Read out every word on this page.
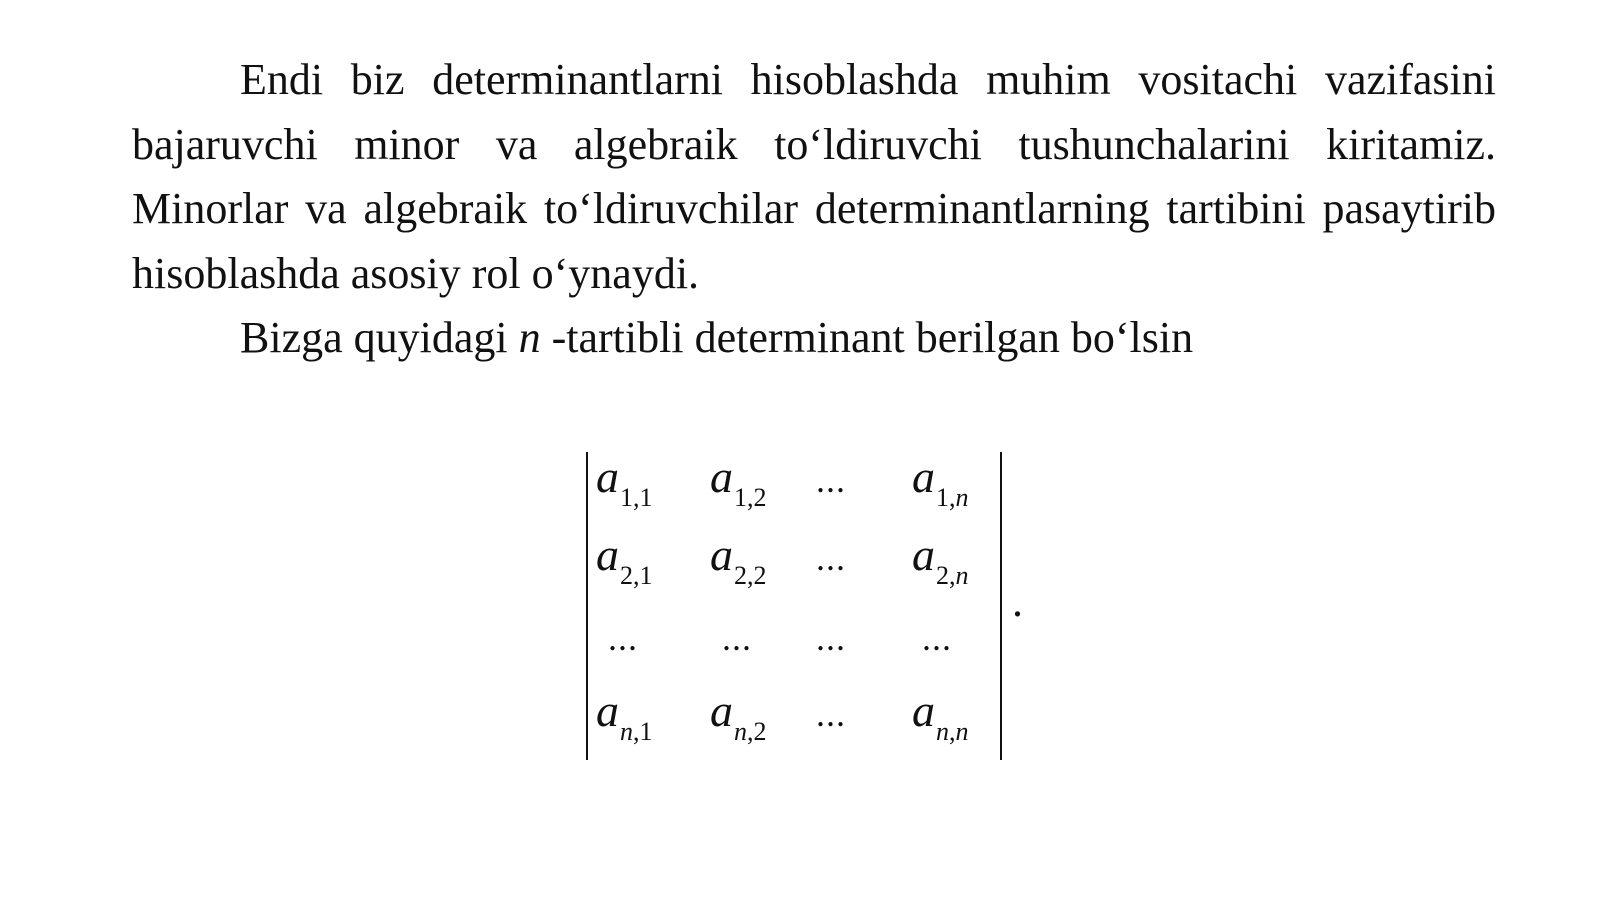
Endi biz determinantlarni hisoblashda muhim vositachi vazifasini bajaruvchi minor va algebraik to‘ldiruvchi tushunchalarini kiritamiz. Minorlar va algebraik to‘ldiruvchilar determinantlarning tartibini pasaytirib hisoblashda asosiy rol o‘ynaydi.

Bizga quyidagi n -tartibli determinant berilgan bo‘lsin

$a_{1,1}$ $a_{1,2}$ ... $a_{1,n}$
$a_{2,1}$ $a_{2,2}$ ... $a_{2,n}$
... ... ... ...
$a_{n,1}$ $a_{n,2}$ ... $a_{n,n}$
.
